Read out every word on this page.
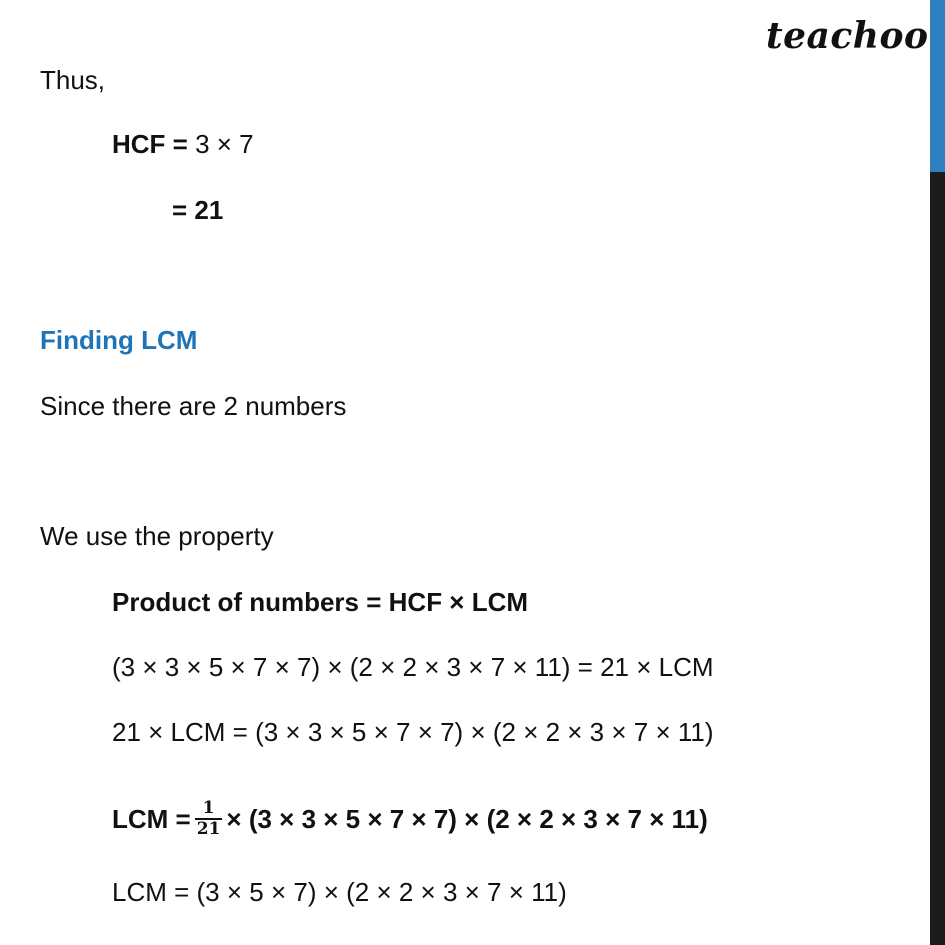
teachoo
Thus,
HCF = 3 × 7
= 21
Finding LCM
Since there are 2 numbers
We use the property
Product of numbers = HCF × LCM
(3 × 3 × 5 × 7 × 7) × (2 × 2 × 3 × 7 × 11) = 21 × LCM
21 × LCM = (3 × 3 × 5 × 7 × 7) × (2 × 2 × 3 × 7 × 11)
LCM = $\frac{1}{21} \times (3 \times 3 \times 5 \times 7 \times 7) \times (2 \times 2 \times 3 \times 7 \times 11)$
LCM = (3 × 5 × 7) × (2 × 2 × 3 × 7 × 11)
